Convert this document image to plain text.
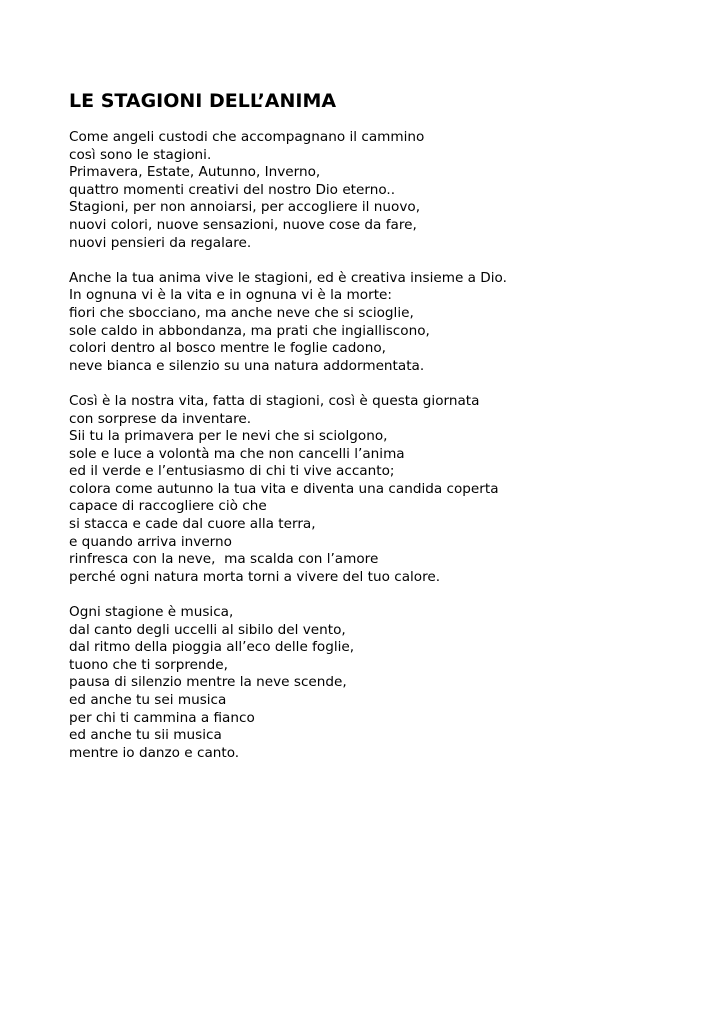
LE STAGIONI DELL’ANIMA
Come angeli custodi che accompagnano il cammino
così sono le stagioni.
Primavera, Estate, Autunno, Inverno,
quattro momenti creativi del nostro Dio eterno..
Stagioni, per non annoiarsi, per accogliere il nuovo,
nuovi colori, nuove sensazioni, nuove cose da fare,
nuovi pensieri da regalare.
Anche la tua anima vive le stagioni, ed è creativa insieme a Dio.
In ognuna vi è la vita e in ognuna vi è la morte:
fiori che sbocciano, ma anche neve che si scioglie,
sole caldo in abbondanza, ma prati che ingialliscono,
colori dentro al bosco mentre le foglie cadono,
neve bianca e silenzio su una natura addormentata.
Così è la nostra vita, fatta di stagioni, così è questa giornata
con sorprese da inventare.
Sii tu la primavera per le nevi che si sciolgono,
sole e luce a volontà ma che non cancelli l’anima
ed il verde e l’entusiasmo di chi ti vive accanto;
colora come autunno la tua vita e diventa una candida coperta
capace di raccogliere ciò che
si stacca e cade dal cuore alla terra,
e quando arriva inverno
rinfresca con la neve,  ma scalda con l’amore
perché ogni natura morta torni a vivere del tuo calore.
Ogni stagione è musica,
dal canto degli uccelli al sibilo del vento,
dal ritmo della pioggia all’eco delle foglie,
tuono che ti sorprende,
pausa di silenzio mentre la neve scende,
ed anche tu sei musica
per chi ti cammina a fianco
ed anche tu sii musica
mentre io danzo e canto.
